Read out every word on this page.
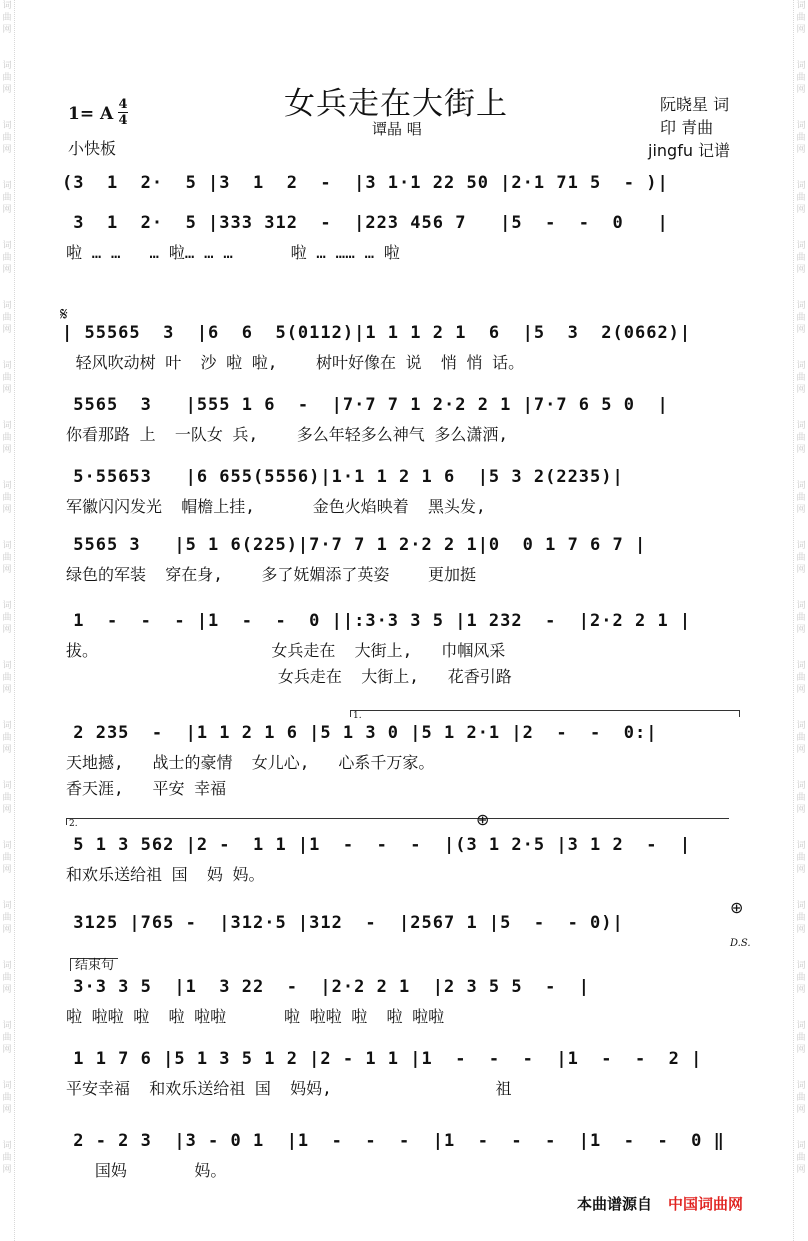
词
曲
网
词
曲
网
词
曲
网
词
曲
网
词
曲
网
词
曲
网
词
曲
网
词
曲
网
词
曲
网
词
曲
网
词
曲
网
词
曲
网
词
曲
网
词
曲
网
词
曲
网
词
曲
网
词
曲
网
词
曲
网
词
曲
网
词
曲
网
词
曲
网
词
曲
网
词
曲
网
词
曲
网
词
曲
网
词
曲
网
词
曲
网
词
曲
网
词
曲
网
词
曲
网
词
曲
网
词
曲
网
词
曲
网
词
曲
网
词
曲
网
词
曲
网
词
曲
网
词
曲
网
词
曲
网
词
曲
网
女兵走在大街上
谭晶 唱
1= A 4
4
小快板
阮晓星 词
印 青曲
jingfu 记谱
(3  1  2·  5 |3  1  2  -  |3 1·1 22 50 |2·1 71 5  - )|
3  1  2·  5 |333 312  -  |223 456 7   |5  -  -  0   |
啦 … …   … 啦… … …      啦 … …… … 啦
𝄋
| 55565  3  |6  6  5(0112)|1 1 1 2 1  6  |5  3  2(0662)|
轻风吹动树 叶  沙 啦 啦,    树叶好像在 说  悄 悄 话。
5565  3   |555 1 6  -  |7·7 7 1 2·2 2 1 |7·7 6 5 0  |
你看那路 上  一队女 兵,    多么年轻多么神气 多么潇洒,
5·55653   |6 655(5556)|1·1 1 2 1 6  |5 3 2(2235)|
军徽闪闪发光  帽檐上挂,      金色火焰映着  黑头发,
5565 3   |5 1 6(225)|7·7 7 1 2·2 2 1|0  0 1 7 6 7 |
绿色的军装  穿在身,    多了妩媚添了英姿    更加挺
1  -  -  - |1  -  -  0 ||:3·3 3 5 |1 232  -  |2·2 2 1 |
拔。                  女兵走在  大街上,   巾帼风采
女兵走在  大街上,   花香引路
1.
2 235  -  |1 1 2 1 6 |5 1 3 0 |5 1 2·1 |2  -  -  0:|
天地撼,   战士的豪情  女儿心,   心系千万家。
香天涯,   平安 幸福
2.	⊕
5 1 3 562 |2 -  1 1 |1  -  -  -  |(3 1 2·5 |3 1 2  -  |
和欢乐送给祖 国  妈 妈。
⊕
D.S.
3125 |765 -  |312·5 |312  -  |2567 1 |5  -  - 0)|
结束句
3·3 3 5  |1  3 22  -  |2·2 2 1  |2 3 5 5  -  |
啦 啦啦 啦  啦 啦啦      啦 啦啦 啦  啦 啦啦
1 1 7 6 |5 1 3 5 1 2 |2 - 1 1 |1  -  -  -  |1  -  -  2 |
平安幸福  和欢乐送给祖 国  妈妈,                 祖
2 - 2 3  |3 - 0 1  |1  -  -  -  |1  -  -  -  |1  -  -  0 ‖
国妈       妈。
本曲谱源自 中国词曲网
